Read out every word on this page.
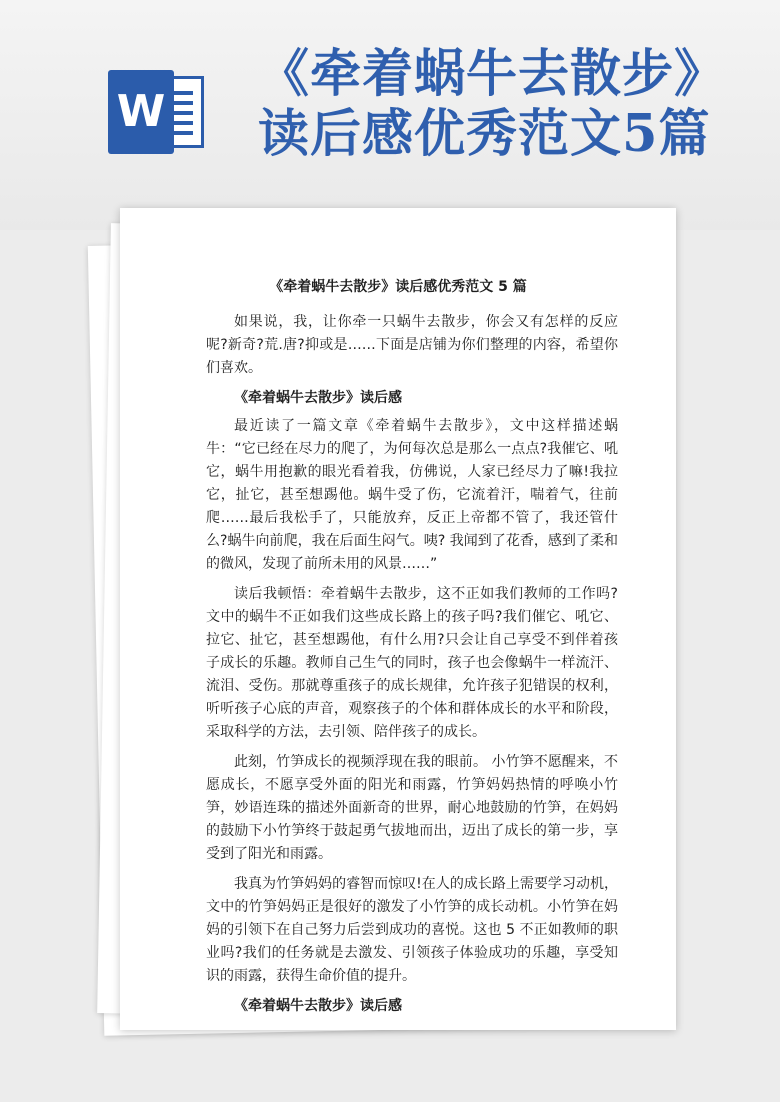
W
《牵着蜗牛去散步》读后感优秀范文5篇
《牵着蜗牛去散步》读后感优秀范文 5 篇

如果说，我，让你牵一只蜗牛去散步，你会又有怎样的反应呢?新奇?荒.唐?抑或是……下面是店铺为你们整理的内容，希望你们喜欢。

《牵着蜗牛去散步》读后感

最近读了一篇文章《牵着蜗牛去散步》，文中这样描述蜗牛：“它已经在尽力的爬了，为何每次总是那么一点点?我催它、吼它，蜗牛用抱歉的眼光看着我，仿佛说，人家已经尽力了嘛!我拉它，扯它，甚至想踢他。蜗牛受了伤，它流着汗，喘着气，往前爬……最后我松手了，只能放弃，反正上帝都不管了，我还管什么?蜗牛向前爬，我在后面生闷气。咦? 我闻到了花香，感到了柔和的微风，发现了前所未用的风景……”

读后我顿悟：牵着蜗牛去散步，这不正如我们教师的工作吗?文中的蜗牛不正如我们这些成长路上的孩子吗?我们催它、吼它、拉它、扯它，甚至想踢他，有什么用?只会让自己享受不到伴着孩子成长的乐趣。教师自己生气的同时，孩子也会像蜗牛一样流汗、流泪、受伤。那就尊重孩子的成长规律，允许孩子犯错误的权利，听听孩子心底的声音，观察孩子的个体和群体成长的水平和阶段，采取科学的方法，去引领、陪伴孩子的成长。

此刻，竹笋成长的视频浮现在我的眼前。 小竹笋不愿醒来，不愿成长，不愿享受外面的阳光和雨露，竹笋妈妈热情的呼唤小竹笋，妙语连珠的描述外面新奇的世界，耐心地鼓励的竹笋，在妈妈的鼓励下小竹笋终于鼓起勇气拔地而出，迈出了成长的第一步，享受到了阳光和雨露。

我真为竹笋妈妈的睿智而惊叹!在人的成长路上需要学习动机，文中的竹笋妈妈正是很好的激发了小竹笋的成长动机。小竹笋在妈妈的引领下在自己努力后尝到成功的喜悦。这也 5 不正如教师的职业吗?我们的任务就是去激发、引领孩子体验成功的乐趣，享受知识的雨露，获得生命价值的提升。

《牵着蜗牛去散步》读后感
